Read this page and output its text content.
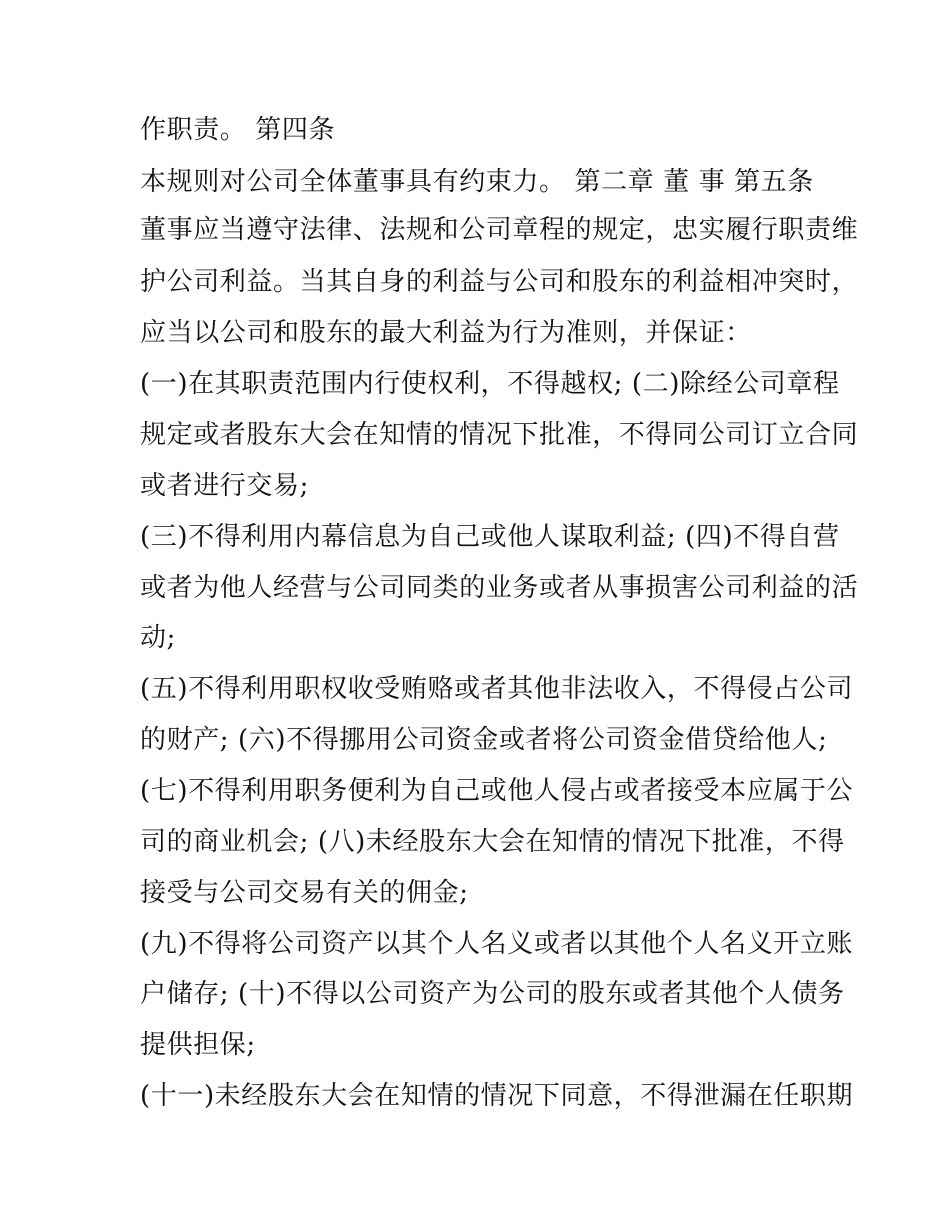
作职责。 第四条
本规则对公司全体董事具有约束力。 第二章 董 事 第五条
董事应当遵守法律、法规和公司章程的规定，忠实履行职责维
护公司利益。当其自身的利益与公司和股东的利益相冲突时，
应当以公司和股东的最大利益为行为准则，并保证：
(一)在其职责范围内行使权利，不得越权; (二)除经公司章程
规定或者股东大会在知情的情况下批准，不得同公司订立合同
或者进行交易;
(三)不得利用内幕信息为自己或他人谋取利益; (四)不得自营
或者为他人经营与公司同类的业务或者从事损害公司利益的活
动;
(五)不得利用职权收受贿赂或者其他非法收入，不得侵占公司
的财产; (六)不得挪用公司资金或者将公司资金借贷给他人;
(七)不得利用职务便利为自己或他人侵占或者接受本应属于公
司的商业机会; (八)未经股东大会在知情的情况下批准，不得
接受与公司交易有关的佣金;
(九)不得将公司资产以其个人名义或者以其他个人名义开立账
户储存; (十)不得以公司资产为公司的股东或者其他个人债务
提供担保;
(十一)未经股东大会在知情的情况下同意，不得泄漏在任职期
